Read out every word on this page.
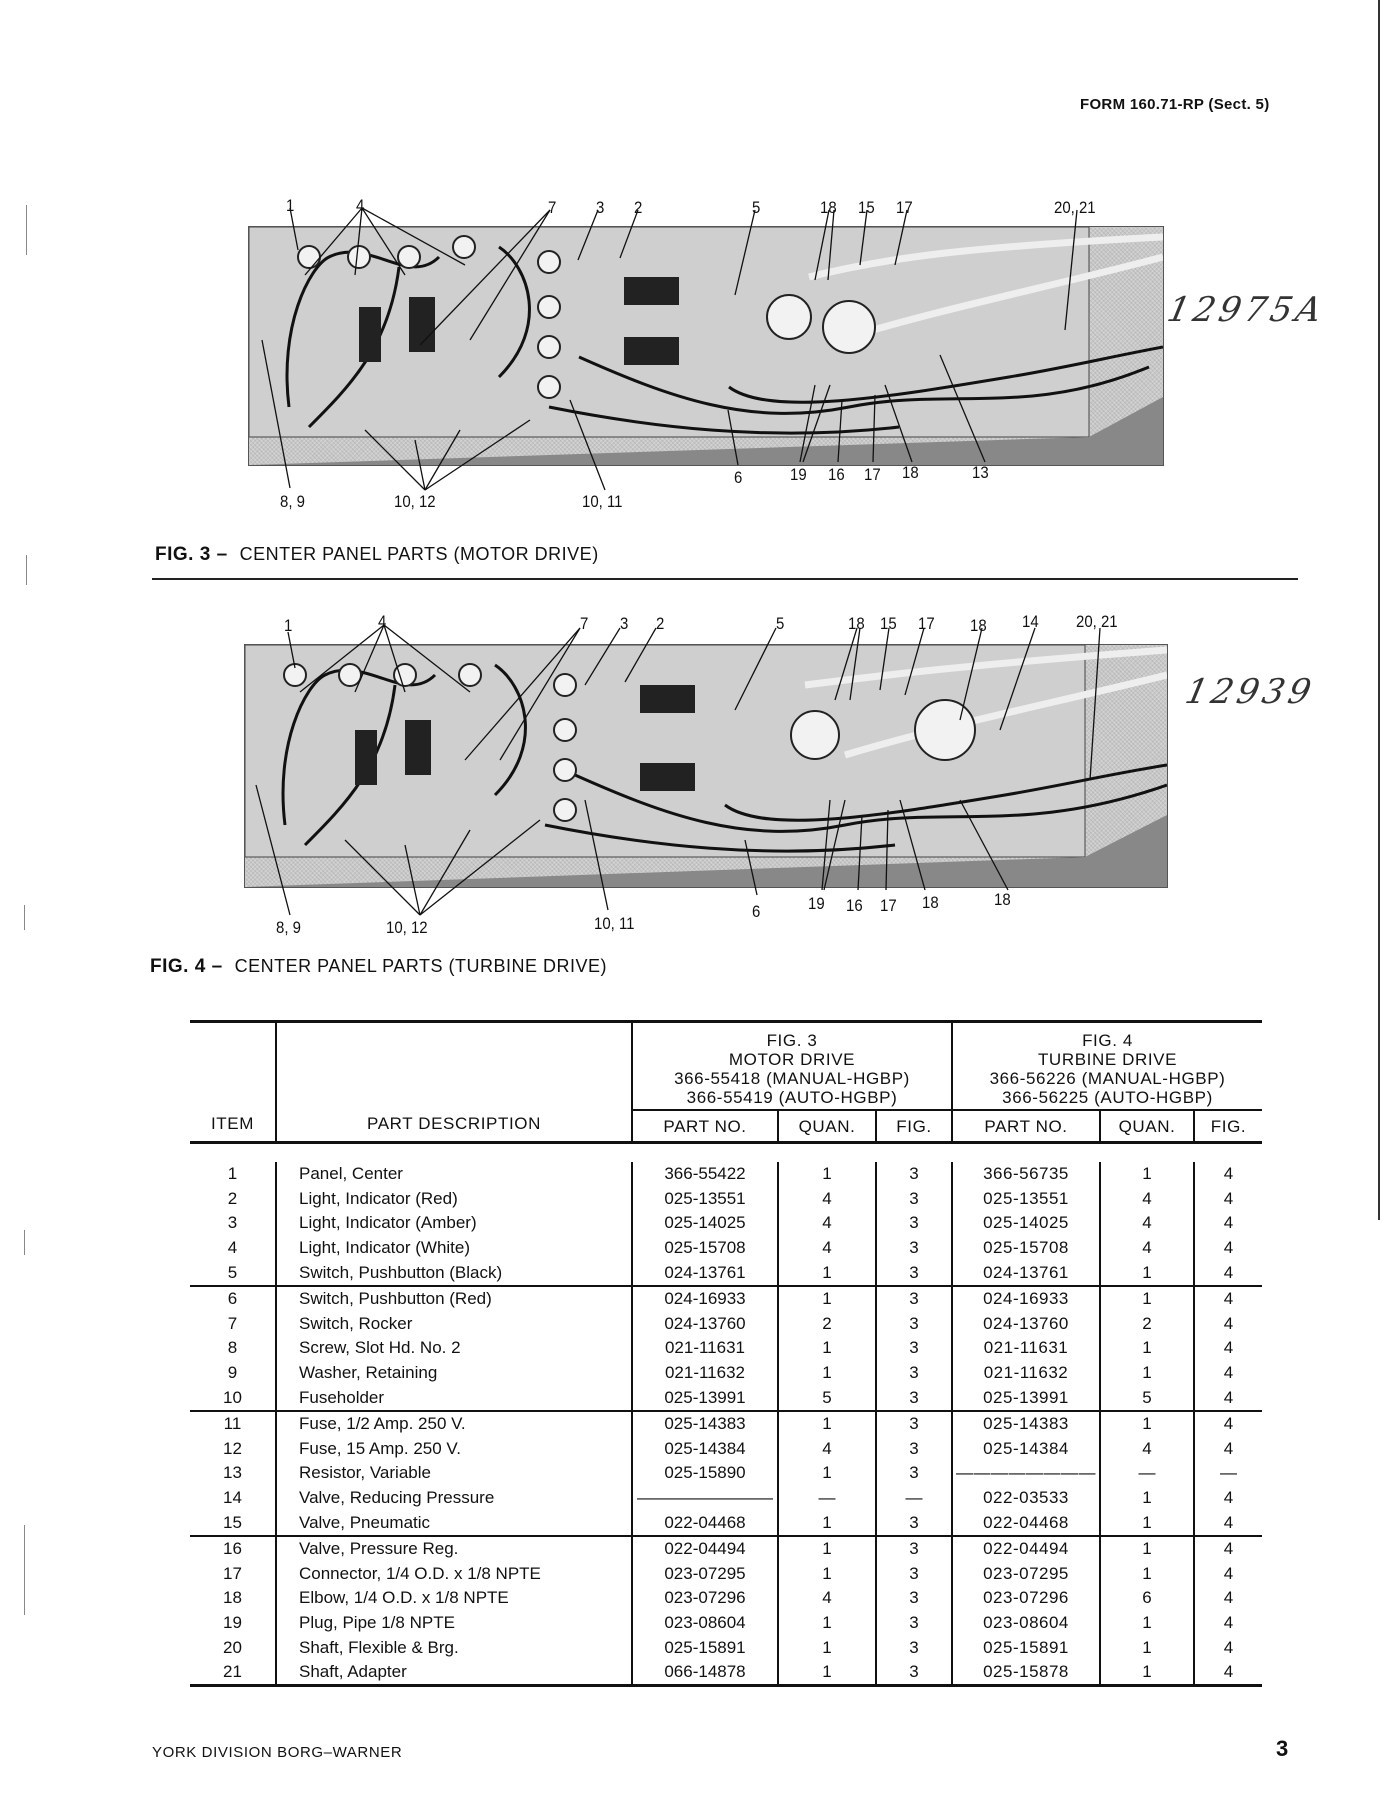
FORM 160.71-RP (Sect. 5)
1	4	7 3 2	5	18 15 17	20, 21
8, 9	10, 12	10, 11
6	19 16 17 18	13
12975A
FIG. 3 – CENTER PANEL PARTS (MOTOR DRIVE)
1	4	7 3 2	5	18 15 17 18 14 20, 21
8, 9	10, 12	10, 11
6	19 16 17 18	18
12939
FIG. 4 – CENTER PANEL PARTS (TURBINE DRIVE)
ITEM	PART DESCRIPTION	
FIG. 3
MOTOR DRIVE
366-55418 (MANUAL-HGBP)
366-55419 (AUTO-HGBP)

FIG. 4
TURBINE DRIVE
366-56226 (MANUAL-HGBP)
366-56225 (AUTO-HGBP)

		PART NO.	QUAN.	FIG.	PART NO.	QUAN.	FIG.

1	Panel, Center	366-55422	1	3	366-56735	1	4
2	Light, Indicator (Red)	025-13551	4	3	025-13551	4	4
3	Light, Indicator (Amber)	025-14025	4	3	025-14025	4	4
4	Light, Indicator (White)	025-15708	4	3	025-15708	4	4
5	Switch, Pushbutton (Black)	024-13761	1	3	024-13761	1	4
6	Switch, Pushbutton (Red)	024-16933	1	3	024-16933	1	4
7	Switch, Rocker	024-13760	2	3	024-13760	2	4
8	Screw, Slot Hd. No. 2	021-11631	1	3	021-11631	1	4
9	Washer, Retaining	021-11632	1	3	021-11632	1	4
10	Fuseholder	025-13991	5	3	025-13991	5	4
11	Fuse, 1/2 Amp. 250 V.	025-14383	1	3	025-14383	1	4
12	Fuse, 15 Amp. 250 V.	025-14384	4	3	025-14384	4	4
13	Resistor, Variable	025-15890	1	3	————————	—	—
14	Valve, Reducing Pressure	————————	—	—	022-03533	1	4
15	Valve, Pneumatic	022-04468	1	3	022-04468	1	4
16	Valve, Pressure Reg.	022-04494	1	3	022-04494	1	4
17	Connector, 1/4 O.D. x 1/8 NPTE	023-07295	1	3	023-07295	1	4
18	Elbow, 1/4 O.D. x 1/8 NPTE	023-07296	4	3	023-07296	6	4
19	Plug, Pipe 1/8 NPTE	023-08604	1	3	023-08604	1	4
20	Shaft, Flexible & Brg.	025-15891	1	3	025-15891	1	4
21	Shaft, Adapter	066-14878	1	3	025-15878	1	4
YORK DIVISION BORG–WARNER	3
